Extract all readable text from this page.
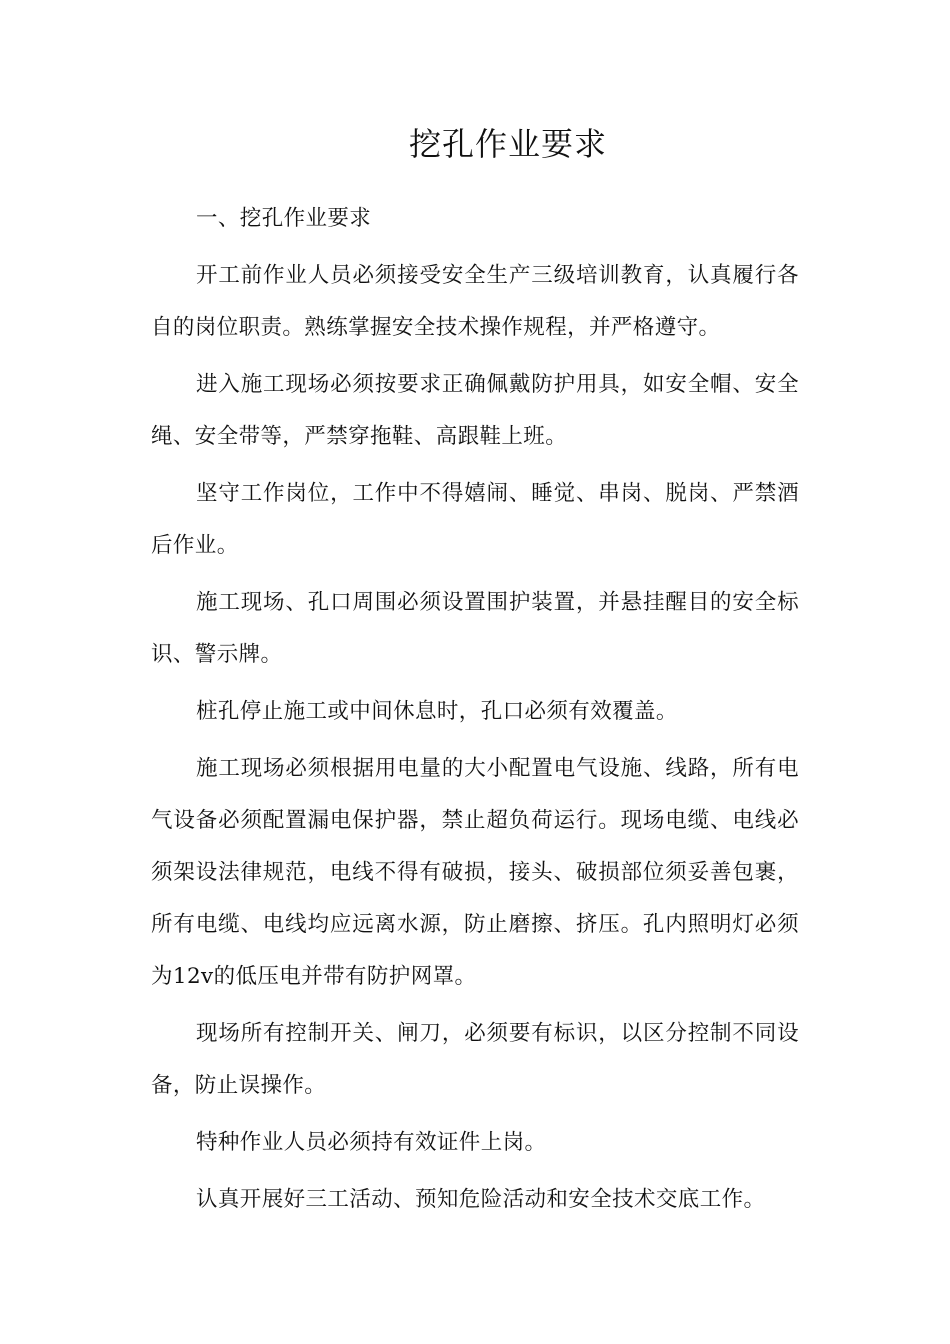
挖孔作业要求

一、挖孔作业要求

开工前作业人员必须接受安全生产三级培训教育，认真履行各自的岗位职责。熟练掌握安全技术操作规程，并严格遵守。

进入施工现场必须按要求正确佩戴防护用具，如安全帽、安全绳、安全带等，严禁穿拖鞋、高跟鞋上班。

坚守工作岗位，工作中不得嬉闹、睡觉、串岗、脱岗、严禁酒后作业。

施工现场、孔口周围必须设置围护装置，并悬挂醒目的安全标识、警示牌。

桩孔停止施工或中间休息时，孔口必须有效覆盖。

施工现场必须根据用电量的大小配置电气设施、线路，所有电气设备必须配置漏电保护器，禁止超负荷运行。现场电缆、电线必须架设法律规范，电线不得有破损，接头、破损部位须妥善包裹，所有电缆、电线均应远离水源，防止磨擦、挤压。孔内照明灯必须为12v的低压电并带有防护网罩。

现场所有控制开关、闸刀，必须要有标识，以区分控制不同设备，防止误操作。

特种作业人员必须持有效证件上岗。

认真开展好三工活动、预知危险活动和安全技术交底工作。
